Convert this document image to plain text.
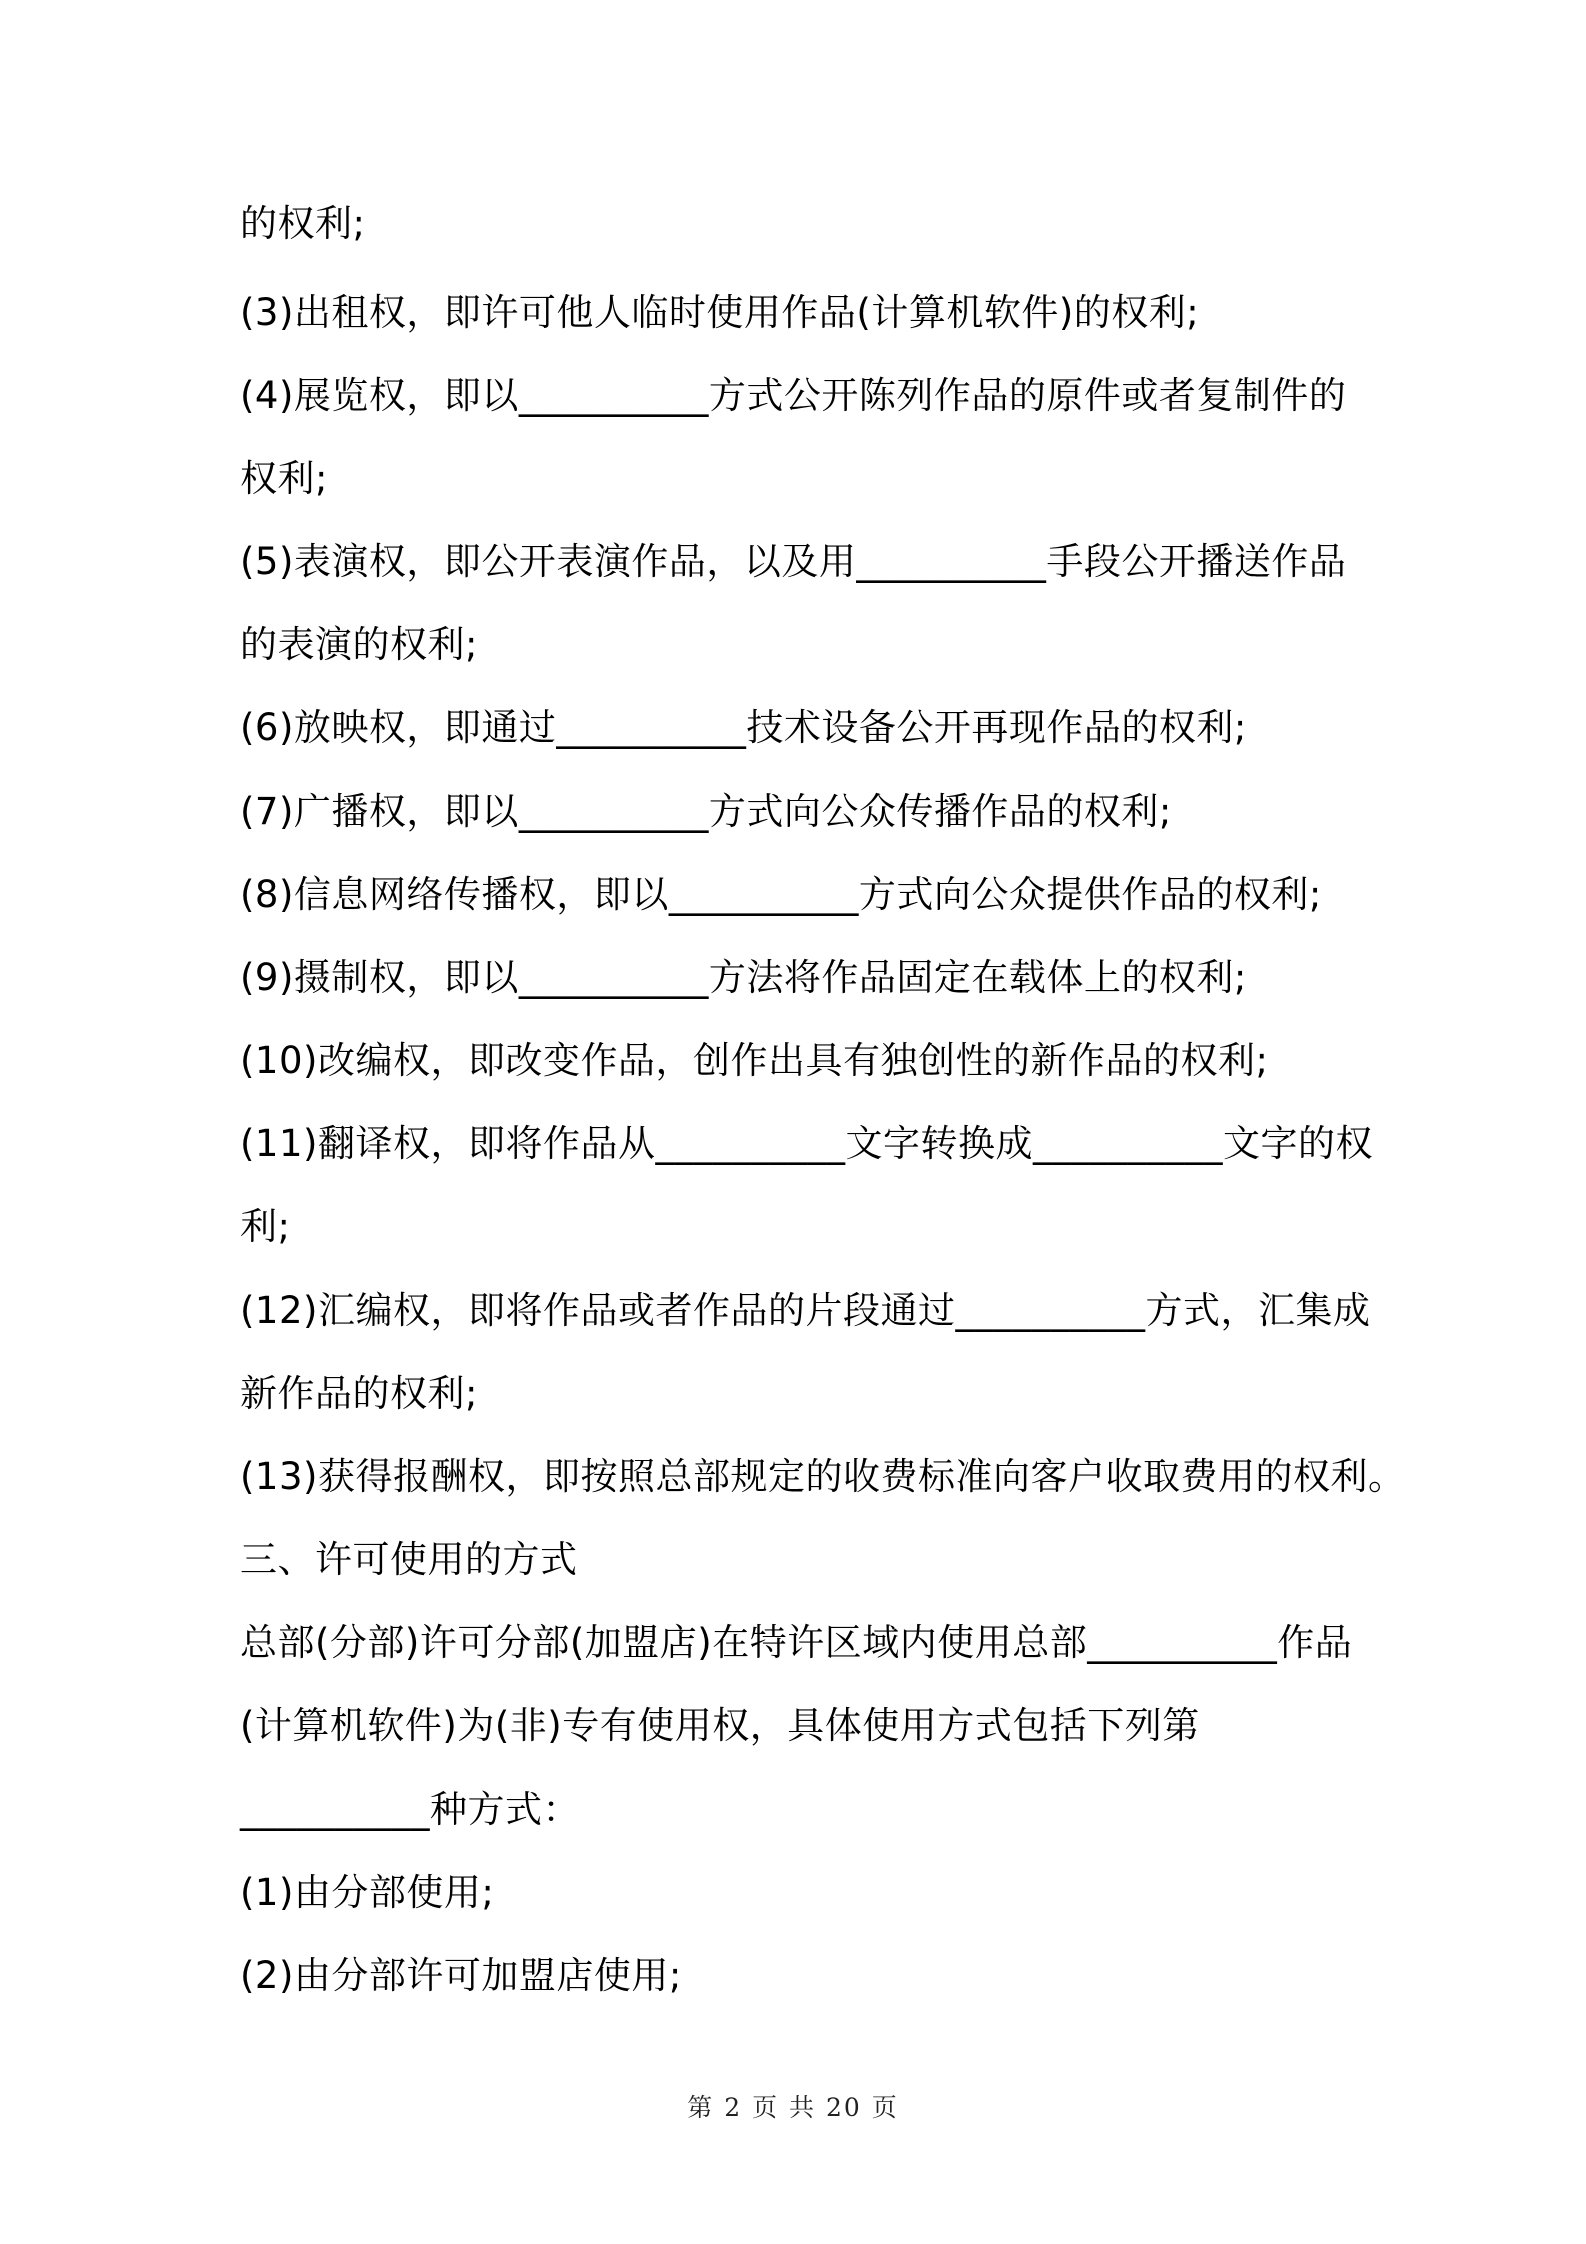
的权利;
(3)出租权，即许可他人临时使用作品(计算机软件)的权利;
(4)展览权，即以__________方式公开陈列作品的原件或者复制件的
权利;
(5)表演权，即公开表演作品，以及用__________手段公开播送作品
的表演的权利;
(6)放映权，即通过__________技术设备公开再现作品的权利;
(7)广播权，即以__________方式向公众传播作品的权利;
(8)信息网络传播权，即以__________方式向公众提供作品的权利;
(9)摄制权，即以__________方法将作品固定在载体上的权利;
(10)改编权，即改变作品，创作出具有独创性的新作品的权利;
(11)翻译权，即将作品从__________文字转换成__________文字的权
利;
(12)汇编权，即将作品或者作品的片段通过__________方式，汇集成
新作品的权利;
(13)获得报酬权，即按照总部规定的收费标准向客户收取费用的权利。
三、许可使用的方式
总部(分部)许可分部(加盟店)在特许区域内使用总部__________作品
(计算机软件)为(非)专有使用权，具体使用方式包括下列第
__________种方式：
(1)由分部使用;
(2)由分部许可加盟店使用;
第 2 页 共 20 页
